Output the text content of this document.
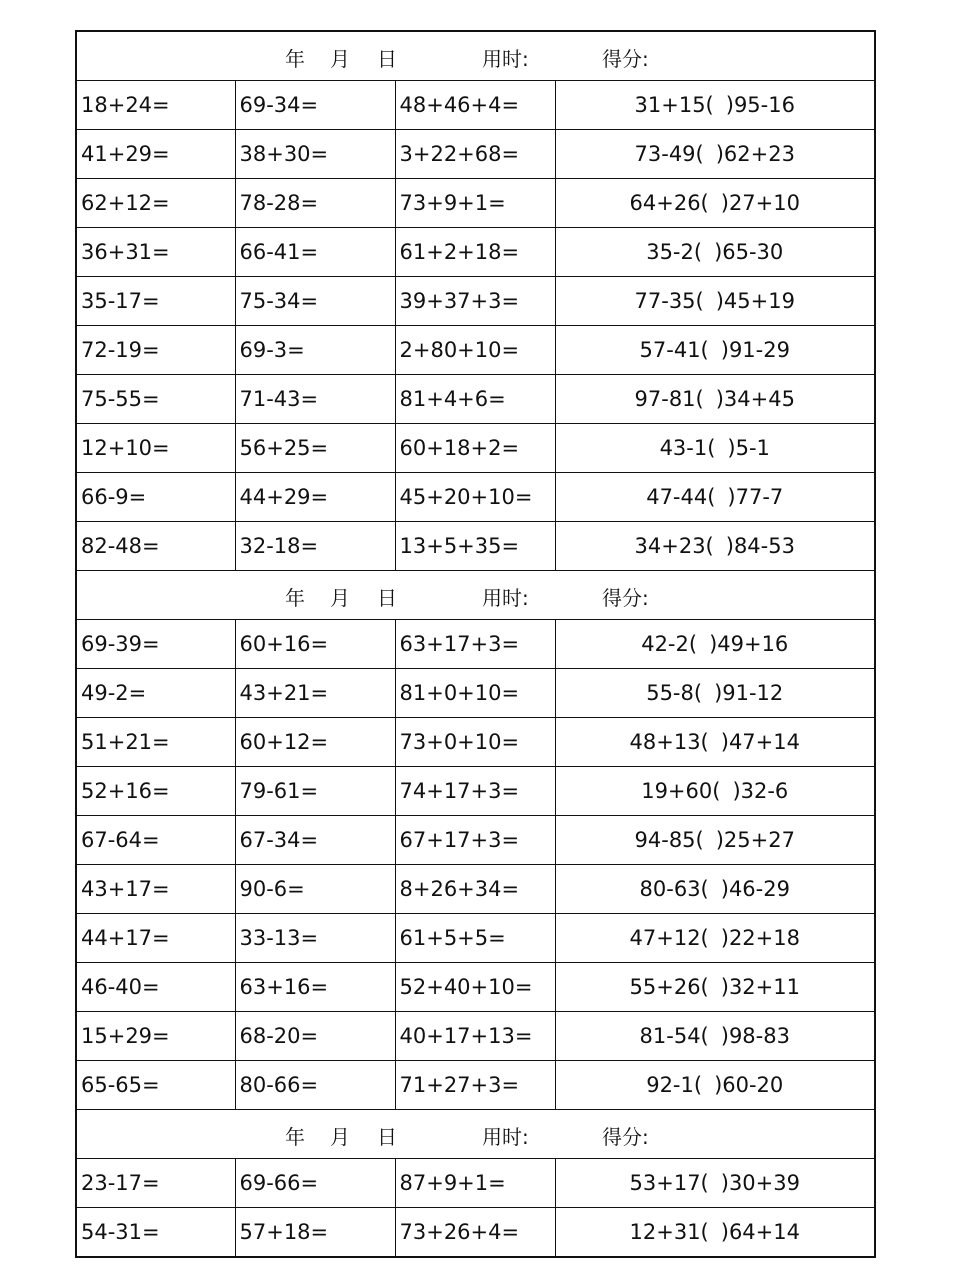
年 月 日 用时: 得分:			

18+24=	69-34=	48+46+4=	31+15( )95-16
41+29=	38+30=	3+22+68=	73-49( )62+23
62+12=	78-28=	73+9+1=	64+26( )27+10
36+31=	66-41=	61+2+18=	35-2( )65-30
35-17=	75-34=	39+37+3=	77-35( )45+19
72-19=	69-3=	2+80+10=	57-41( )91-29
75-55=	71-43=	81+4+6=	97-81( )34+45
12+10=	56+25=	60+18+2=	43-1( )5-1
66-9=	44+29=	45+20+10=	47-44( )77-7
82-48=	32-18=	13+5+35=	34+23( )84-53

年 月 日 用时: 得分:			

69-39=	60+16=	63+17+3=	42-2( )49+16
49-2=	43+21=	81+0+10=	55-8( )91-12
51+21=	60+12=	73+0+10=	48+13( )47+14
52+16=	79-61=	74+17+3=	19+60( )32-6
67-64=	67-34=	67+17+3=	94-85( )25+27
43+17=	90-6=	8+26+34=	80-63( )46-29
44+17=	33-13=	61+5+5=	47+12( )22+18
46-40=	63+16=	52+40+10=	55+26( )32+11
15+29=	68-20=	40+17+13=	81-54( )98-83
65-65=	80-66=	71+27+3=	92-1( )60-20

年 月 日 用时: 得分:			

23-17=	69-66=	87+9+1=	53+17( )30+39
54-31=	57+18=	73+26+4=	12+31( )64+14
